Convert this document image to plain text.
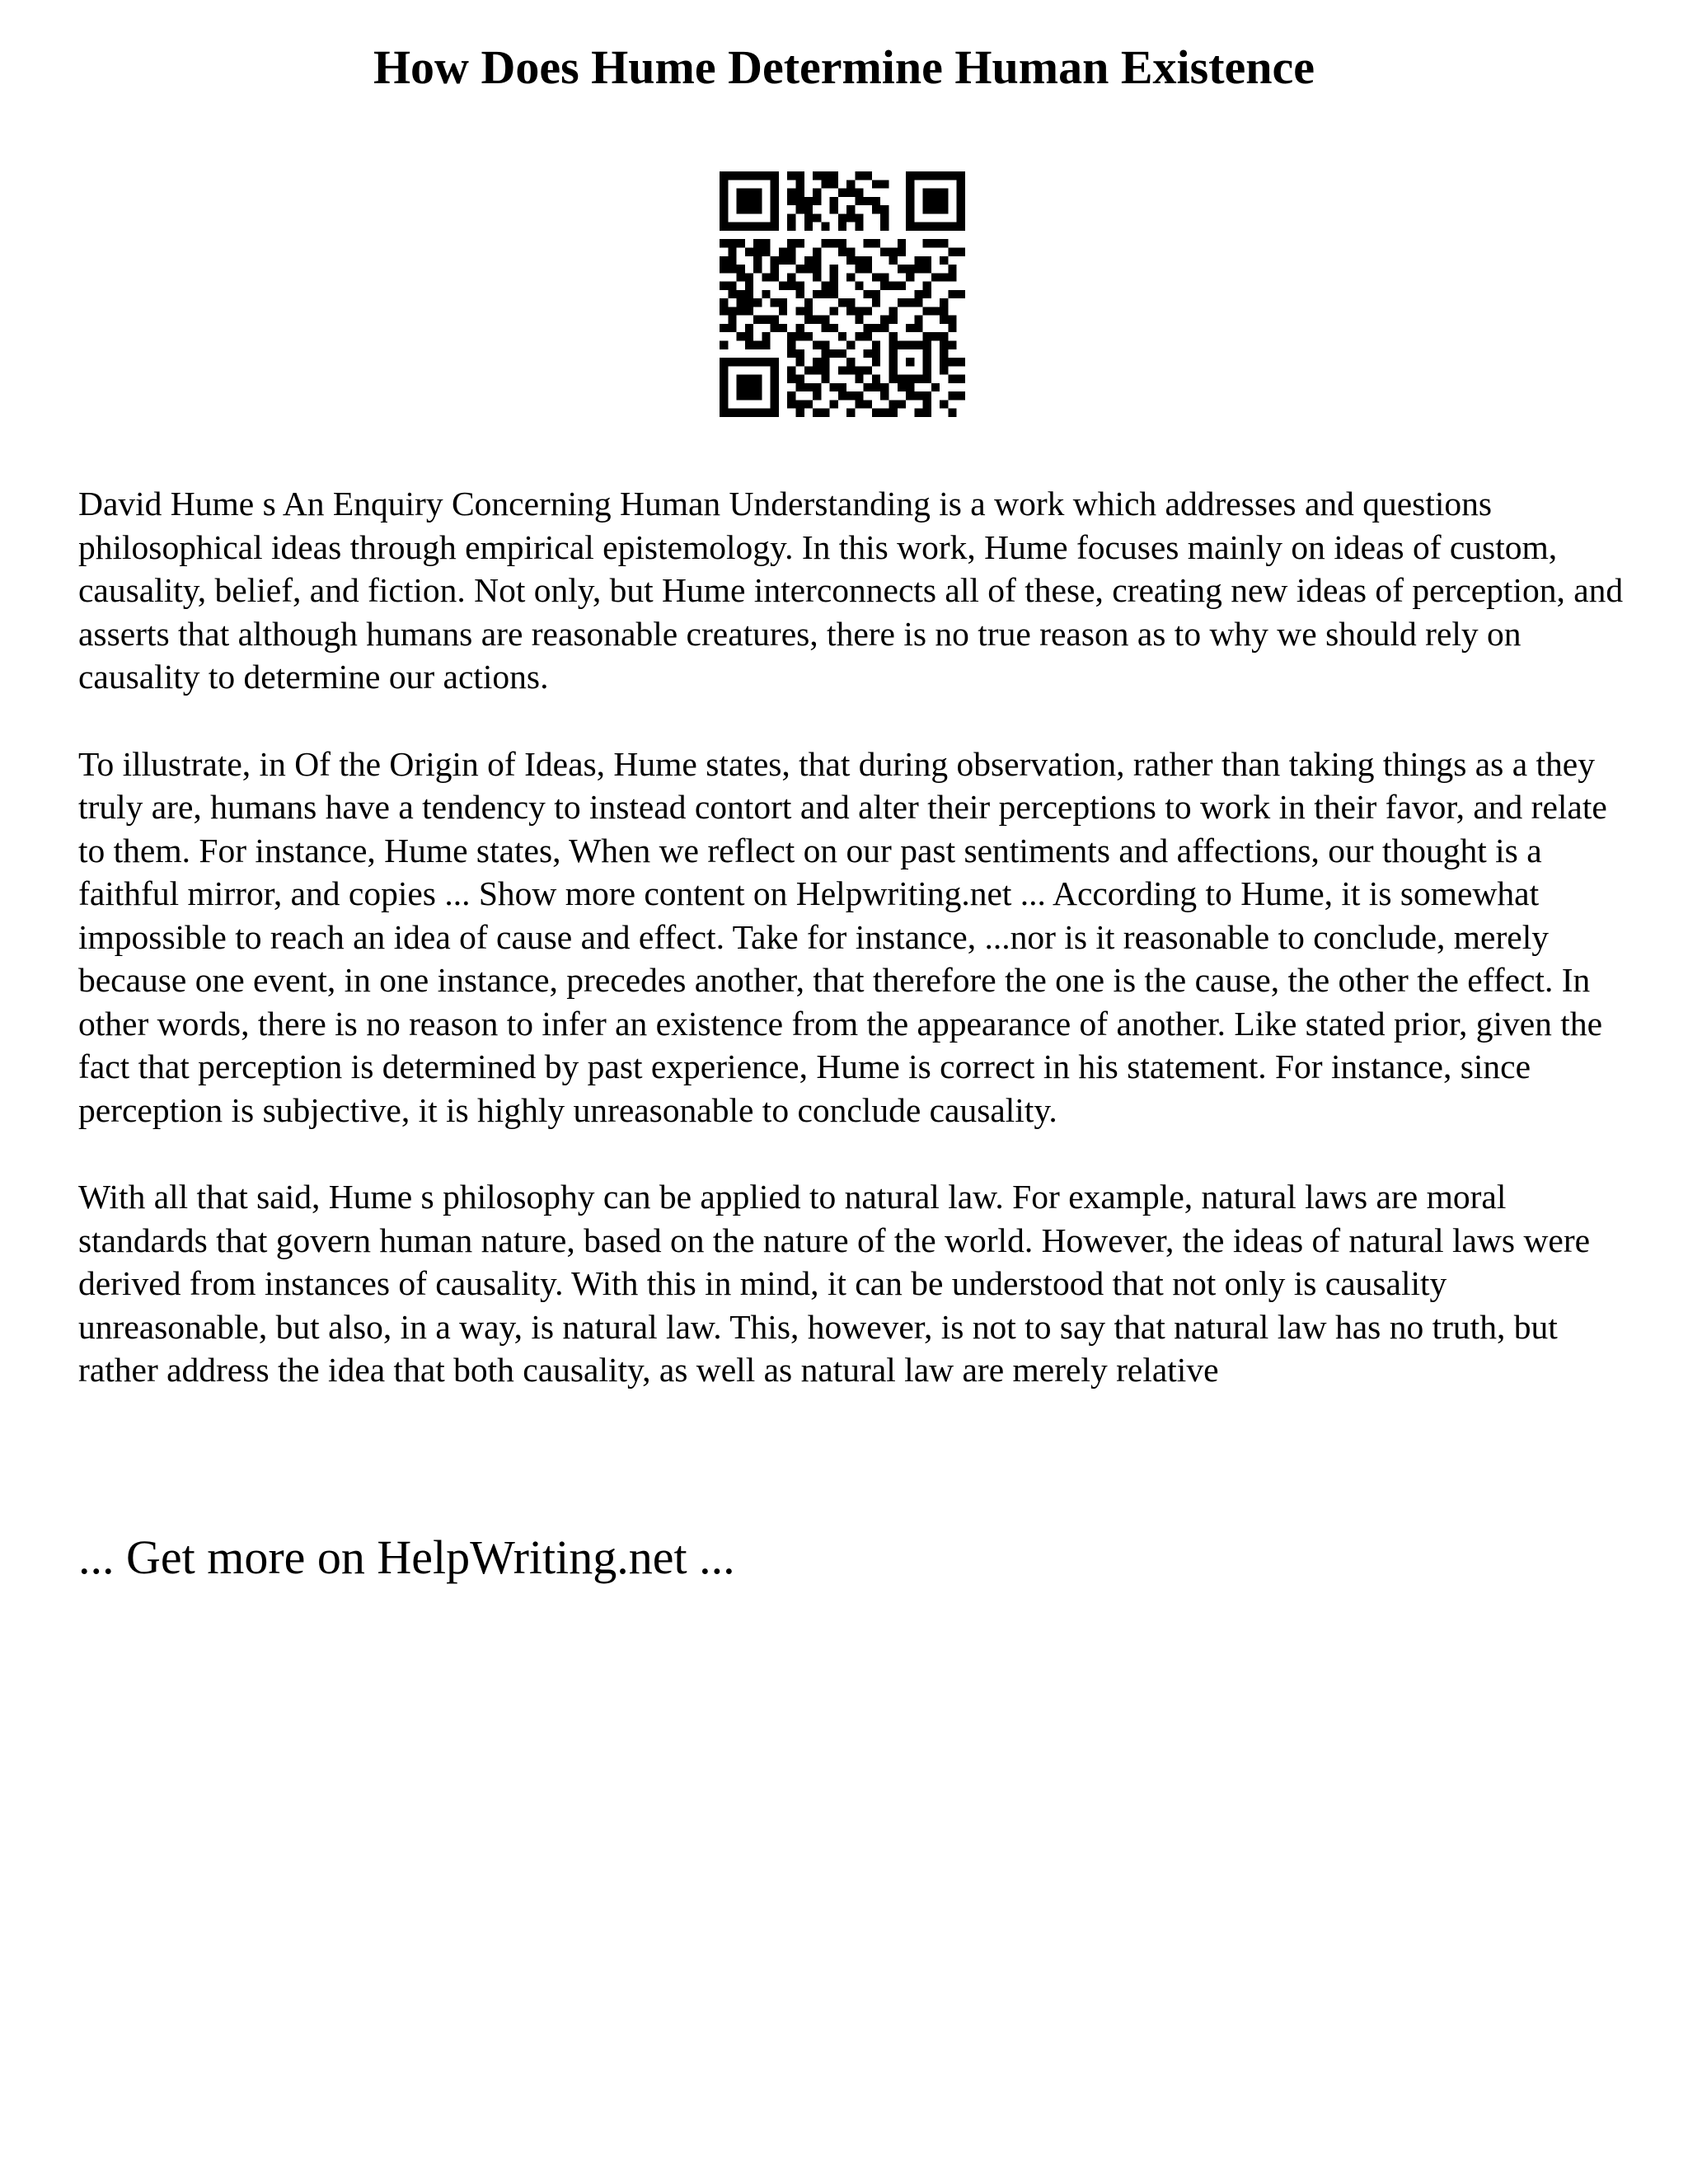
How Does Hume Determine Human Existence

David Hume s An Enquiry Concerning Human Understanding is a work which addresses and questions philosophical ideas through empirical epistemology. In this work, Hume focuses mainly on ideas of custom, causality, belief, and fiction. Not only, but Hume interconnects all of these, creating new ideas of perception, and asserts that although humans are reasonable creatures, there is no true reason as to why we should rely on causality to determine our actions.

To illustrate, in Of the Origin of Ideas, Hume states, that during observation, rather than taking things as a they truly are, humans have a tendency to instead contort and alter their perceptions to work in their favor, and relate to them. For instance, Hume states, When we reflect on our past sentiments and affections, our thought is a faithful mirror, and copies ... Show more content on Helpwriting.net ... According to Hume, it is somewhat impossible to reach an idea of cause and effect. Take for instance, ...nor is it reasonable to conclude, merely because one event, in one instance, precedes another, that therefore the one is the cause, the other the effect. In other words, there is no reason to infer an existence from the appearance of another. Like stated prior, given the fact that perception is determined by past experience, Hume is correct in his statement. For instance, since perception is subjective, it is highly unreasonable to conclude causality.

With all that said, Hume s philosophy can be applied to natural law. For example, natural laws are moral standards that govern human nature, based on the nature of the world. However, the ideas of natural laws were derived from instances of causality. With this in mind, it can be understood that not only is causality unreasonable, but also, in a way, is natural law. This, however, is not to say that natural law has no truth, but rather address the idea that both causality, as well as natural law are merely relative

... Get more on HelpWriting.net ...
